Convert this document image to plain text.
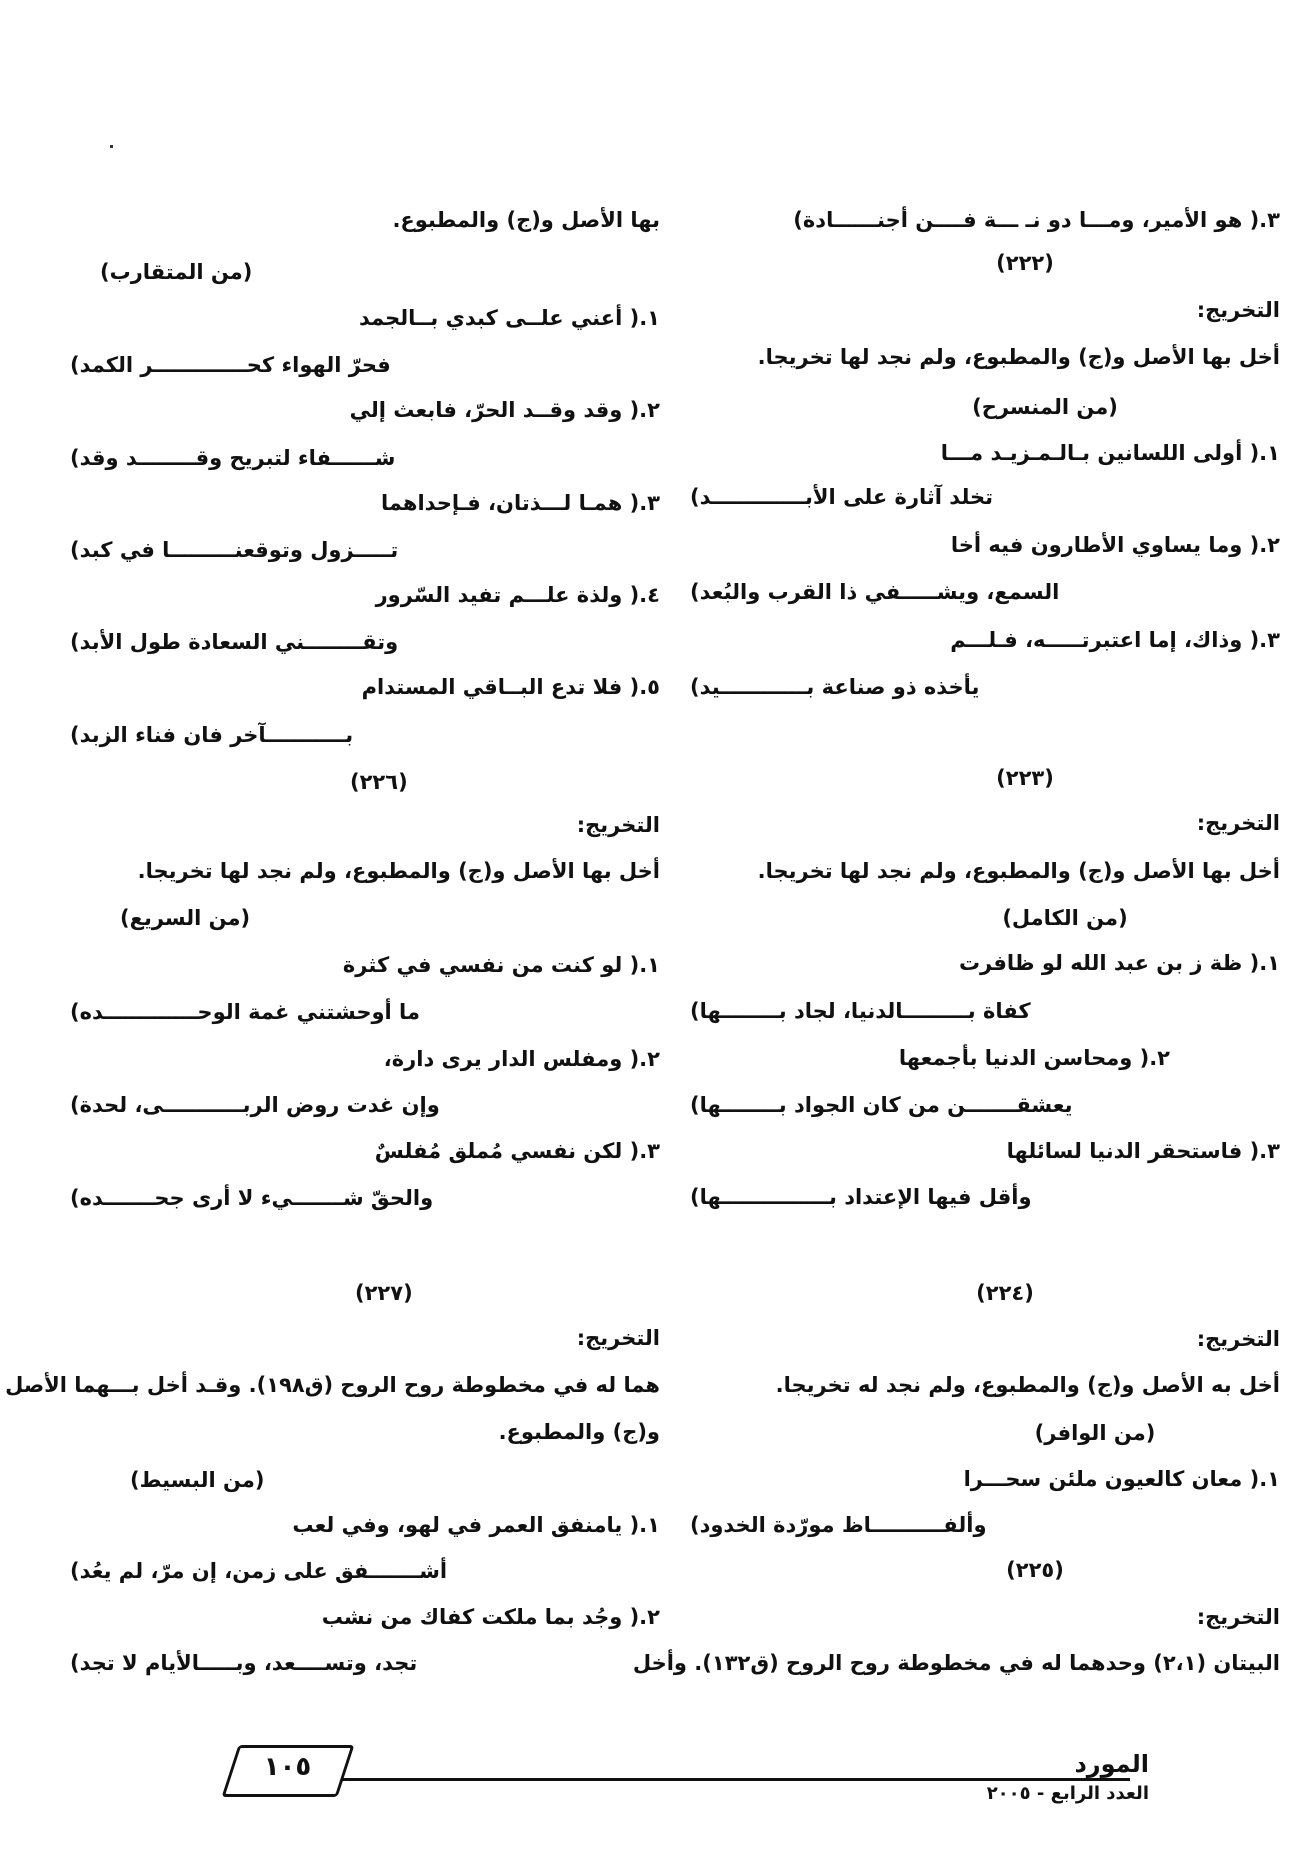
٣.( هو الأمير، ومـــا دو نـ ـــة فــــن أجنــــــادة)
(٢٢٢)
التخريج:
أخل بها الأصل و(ج) والمطبوع، ولم نجد لها تخريجا.
(من المنسرح)
١.( أولى اللسانين بـالـمـزيـد مـــا
تخلد آثارة على الأبـــــــــــــد)
٢.( وما يساوي الأطارون فيه أخا
السمع، ويشـــــفي ذا القرب والبُعد)
٣.( وذاك، إما اعتبرتـــــه، فـلـــم
يأخذه ذو صناعة بــــــــــــيد)
(٢٢٣)
التخريج:
أخل بها الأصل و(ج) والمطبوع، ولم نجد لها تخريجا.
(من الكامل)
١.( ظة ز بن عبد الله لو ظافرت
كفاة بـــــــــالدنيا، لجاد بــــــــها)
٢.( ومحاسن الدنيا بأجمعها
يعشقـــــــن من كان الجواد بــــــــها)
٣.( فاستحقر الدنيا لسائلها
وأقل فيها الإعتداد بـــــــــــــــها)
(٢٢٤)
التخريج:
أخل به الأصل و(ج) والمطبوع، ولم نجد له تخريجا.
(من الوافر)
١.( معان كالعيون ملئن سحـــرا
وألفــــــــــاظ مورّدة الخدود)
(٢٢٥)
التخريج:
البيتان (٢،١) وحدهما له في مخطوطة روح الروح (ق١٣٢). وأخل
بها الأصل و(ج) والمطبوع.
(من المتقارب)
١.( أعني علــى كبدي بــالجمد
فحرّ الهواء كحـــــــــــــر الكمد)
٢.( وقد وقــد الحرّ، فابعث إلي
شــــــفاء لتبريح وقــــــــد وقد)
٣.( همـا لـــذتان، فـإحداهما
تـــــزول وتوقعنـــــــــا في كبد)
٤.( ولذة علـــم تفيد السّرور
وتقــــــــني السعادة طول الأبد)
٥.( فلا تدع البــاقي المستدام
بـــــــــــآخر فان فناء الزبد)
(٢٢٦)
التخريج:
أخل بها الأصل و(ج) والمطبوع، ولم نجد لها تخريجا.
(من السريع)
١.( لو كنت من نفسي في كثرة
ما أوحشتني غمة الوحـــــــــــــده)
٢.( ومفلس الدار يرى دارة،
وإن غدت روض الربـــــــــــى، لحدة)
٣.( لكن نفسي مُملق مُفلسٌ
والحقّ شـــــــيء لا أرى جحـــــــده)
(٢٢٧)
التخريج:
هما له في مخطوطة روح الروح (ق١٩٨). وقـد أخل بـــهما الأصل
و(ج) والمطبوع.
(من البسيط)
١.( يامنفق العمر في لهو، وفي لعب
أشـــــــفق على زمن، إن مرّ، لم يعُد)
٢.( وجُد بما ملكت كفاك من نشب
تجد، وتســــعد، وبـــــالأيام لا تجد)
١٠٥	المورد
العدد الرابع - ٢٠٠٥
